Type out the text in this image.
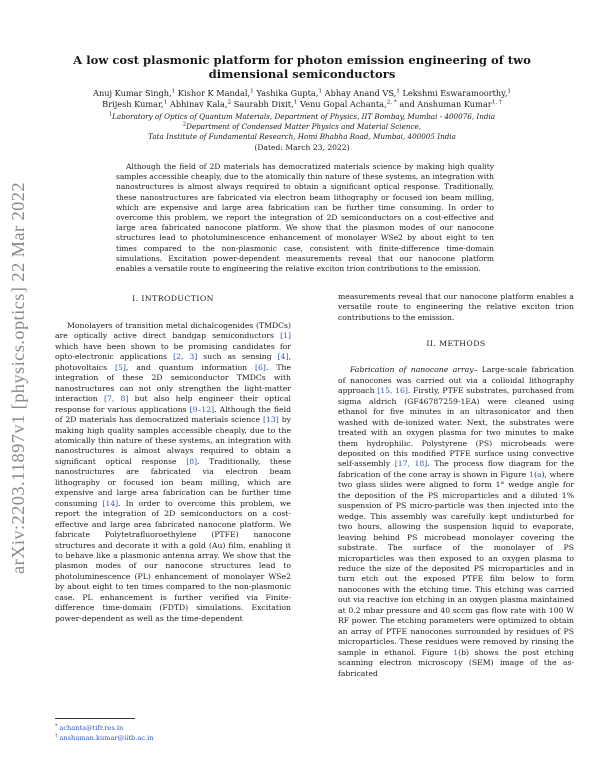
arXiv:2203.11897v1 [physics.optics] 22 Mar 2022
A low cost plasmonic platform for photon emission engineering of two dimensional semiconductors
Anuj Kumar Singh,$^1$ Kishor K Mandal,$^1$ Yashika Gupta,$^1$ Abhay Anand VS,$^1$ Lekshmi Eswaramoorthy,$^1$
Brijesh Kumar,$^1$ Abhinav Kala,$^2$ Saurabh Dixit,$^1$ Venu Gopal Achanta,$^{2, *}$ and Anshuman Kumar$^{1, \dagger}$
$^1$Laboratory of Optics of Quantum Materials, Department of Physics, IIT Bombay, Mumbai - 400076, India
$^2$Department of Condensed Matter Physics and Material Science,
Tata Institute of Fundamental Research, Homi Bhabha Road, Mumbai, 400005 India
(Dated: March 23, 2022)

Although the field of 2D materials has democratized materials science by making high quality samples accessible cheaply, due to the atomically thin nature of these systems, an integration with nanostructures is almost always required to obtain a significant optical response. Traditionally, these nanostructures are fabricated via electron beam lithography or focused ion beam milling, which are expensive and large area fabrication can be further time consuming. In order to overcome this problem, we report the integration of 2D semiconductors on a cost-effective and large area fabricated nanocone platform. We show that the plasmon modes of our nanocone structures lead to photoluminescence enhancement of monolayer WSe2 by about eight to ten times compared to the non-plasmonic case, consistent with finite-difference time-domain simulations. Excitation power-dependent measurements reveal that our nanocone platform enables a versatile route to engineering the relative exciton trion contributions to the emission.

I. INTRODUCTION

Monolayers of transition metal dichalcogenides (TMDCs) are optically active direct bandgap semiconductors [1] which have been shown to be promising candidates for opto-electronic applications [2, 3] such as sensing [4], photovoltaics [5], and quantum information [6]. The integration of these 2D semiconductor TMDCs with nanostructures can not only strengthen the light-matter interaction [7, 8] but also help engineer their optical response for various applications [9–12]. Although the field of 2D materials has democratized materials science [13] by making high quality samples accessible cheaply, due to the atomically thin nature of these systems, an integration with nanostructures is almost always required to obtain a significant optical response [8]. Traditionally, these nanostructures are fabricated via electron beam lithography or focused ion beam milling, which are expensive and large area fabrication can be further time consuming [14]. In order to overcome this problem, we report the integration of 2D semiconductors on a cost-effective and large area fabricated nanocone platform. We fabricate Polytetrafluoroethylene (PTFE) nanocone structures and decorate it with a gold (Au) film, enabling it to behave like a plasmonic antenna array. We show that the plasmon modes of our nanocone structures lead to photoluminescence (PL) enhancement of monolayer WSe2 by about eight to ten times compared to the non-plasmonic case. PL enhancement is further verified via Finite-difference time-domain (FDTD) simulations. Excitation power-dependent as well as the time-dependent

measurements reveal that our nanocone platform enables a versatile route to engineering the relative exciton trion contributions to the emission.

II. METHODS

Fabrication of nanocone array– Large-scale fabrication of nanocones was carried out via a colloidal lithography approach [15, 16]. Firstly, PTFE substrates, purchased from sigma aldrich (GF46787259-1EA) were cleaned using ethanol for five minutes in an ultrasonicator and then washed with de-ionized water. Next, the substrates were treated with an oxygen plasma for two minutes to make them hydrophilic. Polystyrene (PS) microbeads were deposited on this modified PTFE surface using convective self-assembly [17, 18]. The process flow diagram for the fabrication of the cone array is shown in Figure 1(a), where two glass slides were aligned to form 1° wedge angle for the deposition of the PS microparticles and a diluted 1% suspension of PS micro-particle was then injected into the wedge. This assembly was carefully kept undisturbed for two hours, allowing the suspension liquid to evaporate, leaving behind PS microbead monolayer covering the substrate. The surface of the monolayer of PS microparticles was then exposed to an oxygen plasma to reduce the size of the deposited PS microparticles and in turn etch out the exposed PTFE film below to form nanocones with the etching time. This etching was carried out via reactive ion etching in an oxygen plasma maintained at 0.2 mbar pressure and 40 sccm gas flow rate with 100 W RF power. The etching parameters were optimized to obtain an array of PTFE nanocones surrounded by residues of PS microparticles. These residues were removed by rinsing the sample in ethanol. Figure 1(b) shows the post etching scanning electron microscopy (SEM) image of the as-fabricated

* achanta@tifr.res.in
† anshuman.kumar@iitb.ac.in
